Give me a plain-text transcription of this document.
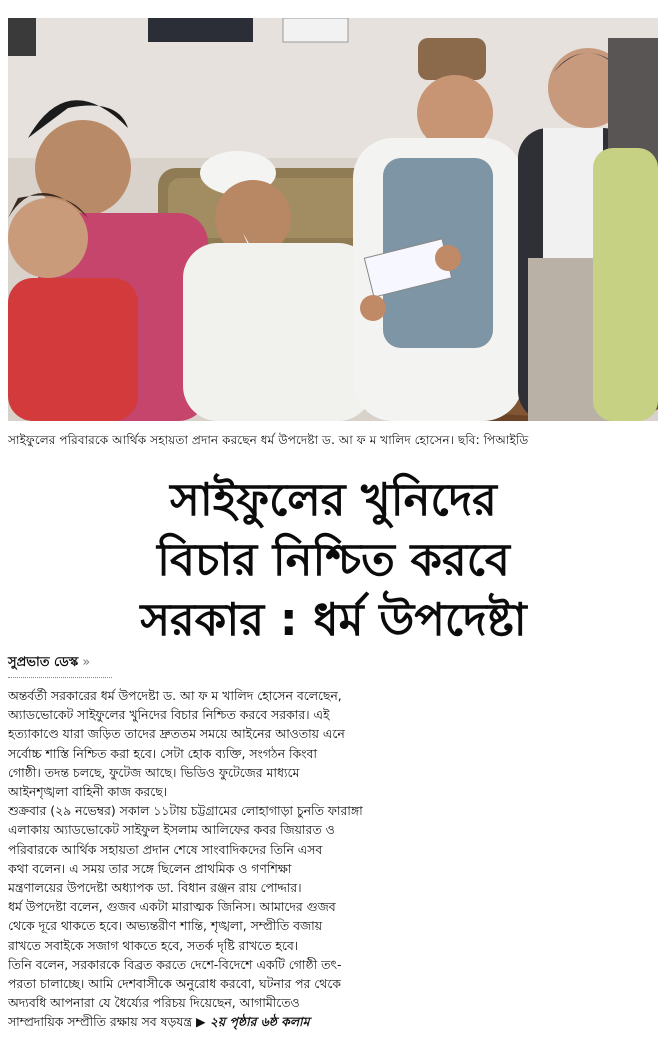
সাইফুলের পরিবারকে আর্থিক সহায়তা প্রদান করছেন ধর্ম উপদেষ্টা ড. আ ফ ম খালিদ হোসেন। ছবি: পিআইডি
সাইফুলের খুনিদের
বিচার নিশ্চিত করবে
সরকার : ধর্ম উপদেষ্টা
সুপ্রভাত ডেস্ক »
অন্তর্বর্তী সরকারের ধর্ম উপদেষ্টা ড. আ ফ ম খালিদ হোসেন বলেছেন,
অ্যাডভোকেট সাইফুলের খুনিদের বিচার নিশ্চিত করবে সরকার। এই
হত্যাকাণ্ডে যারা জড়িত তাদের দ্রুততম সময়ে আইনের আওতায় এনে
সর্বোচ্চ শাস্তি নিশ্চিত করা হবে। সেটা হোক ব্যক্তি, সংগঠন কিংবা
গোষ্ঠী। তদন্ত চলছে, ফুটেজ আছে। ভিডিও ফুটেজের মাধ্যমে
আইনশৃঙ্খলা বাহিনী কাজ করছে।
শুক্রবার (২৯ নভেম্বর) সকাল ১১টায় চট্টগ্রামের লোহাগাড়া চুনতি ফারাঙ্গা
এলাকায় অ্যাডভোকেট সাইফুল ইসলাম আলিফের কবর জিয়ারত ও
পরিবারকে আর্থিক সহায়তা প্রদান শেষে সাংবাদিকদের তিনি এসব
কথা বলেন। এ সময় তার সঙ্গে ছিলেন প্রাথমিক ও গণশিক্ষা
মন্ত্রণালয়ের উপদেষ্টা অধ্যাপক ডা. বিধান রঞ্জন রায় পোদ্দার।
ধর্ম উপদেষ্টা বলেন, গুজব একটা মারাত্মক জিনিস। আমাদের গুজব
থেকে দূরে থাকতে হবে। অভ্যন্তরীণ শান্তি, শৃঙ্খলা, সম্প্রীতি বজায়
রাখতে সবাইকে সজাগ থাকতে হবে, সতর্ক দৃষ্টি রাখতে হবে।
তিনি বলেন, সরকারকে বিব্রত করতে দেশে-বিদেশে একটি গোষ্ঠী তৎ-
পরতা চালাচ্ছে। আমি দেশবাসীকে অনুরোধ করবো, ঘটনার পর থেকে
অদ্যবধি আপনারা যে ধৈর্য্যের পরিচয় দিয়েছেন, আগামীতেও
সাম্প্রদায়িক সম্প্রীতি রক্ষায় সব ষড়যন্ত্র ▶ ২য় পৃষ্ঠার ৬ষ্ঠ কলাম
